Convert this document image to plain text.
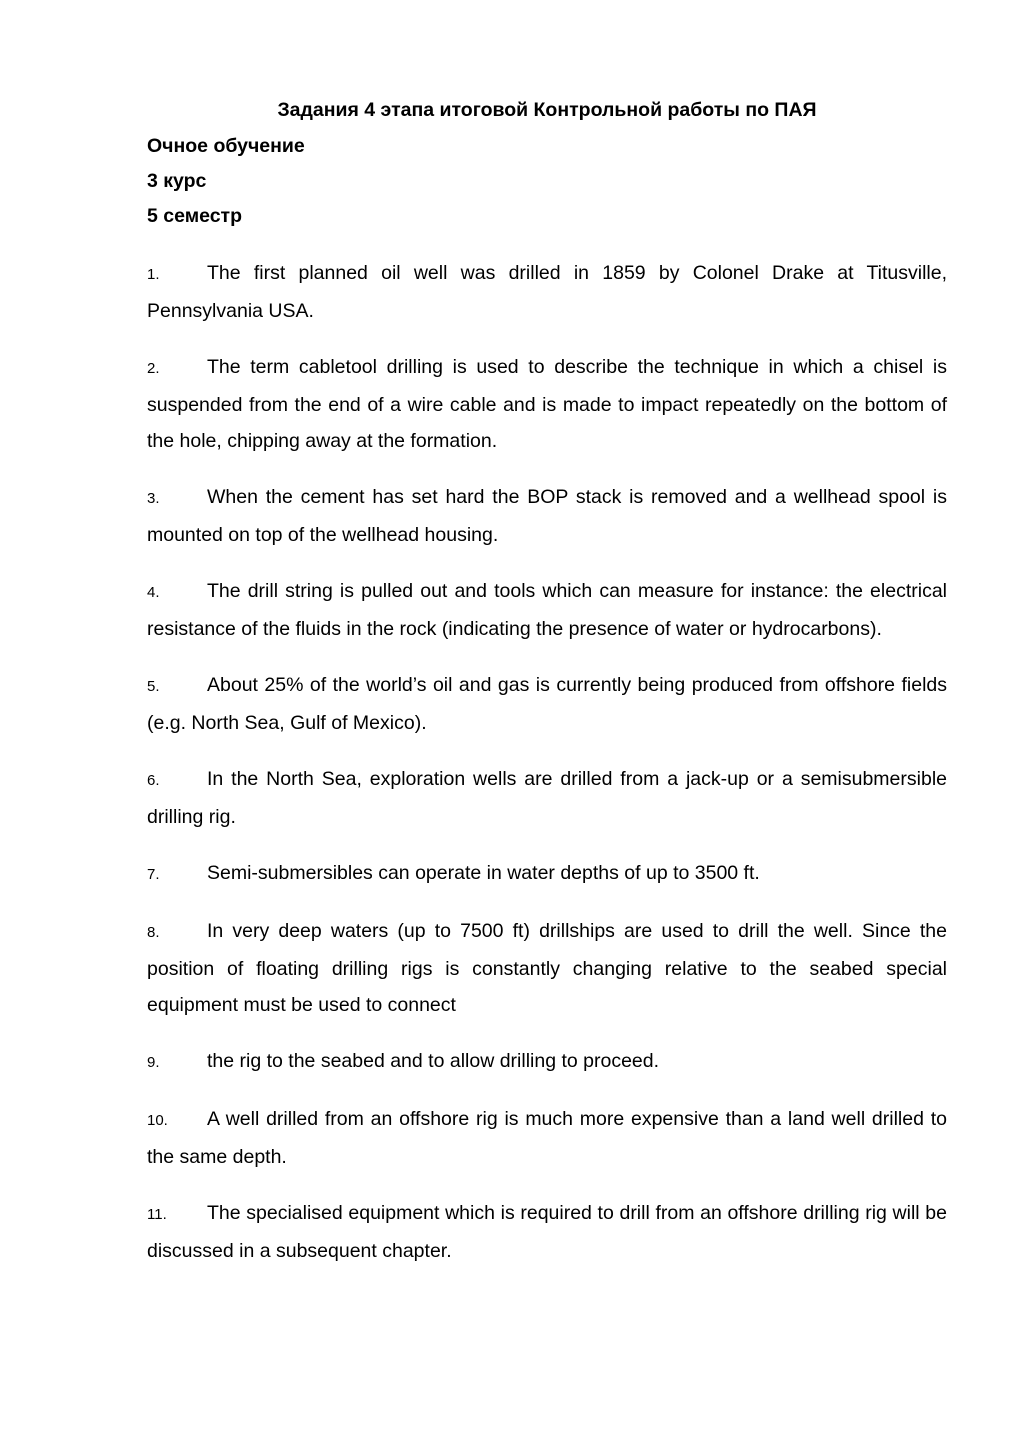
Задания 4 этапа итоговой Контрольной работы по ПАЯ
Очное обучение
3 курс
5 семестр

1. The first planned oil well was drilled in 1859 by Colonel Drake at Titusville, Pennsylvania USA.

2. The term cabletool drilling is used to describe the technique in which a chisel is suspended from the end of a wire cable and is made to impact repeatedly on the bottom of the hole, chipping away at the formation.

3. When the cement has set hard the BOP stack is removed and a wellhead spool is mounted on top of the wellhead housing.

4. The drill string is pulled out and tools which can measure for instance: the electrical resistance of the fluids in the rock (indicating the presence of water or hydrocarbons).

5. About 25% of the world’s oil and gas is currently being produced from offshore fields (e.g. North Sea, Gulf of Mexico).

6. In the North Sea, exploration wells are drilled from a jack-up or a semisubmersible drilling rig.

7. Semi-submersibles can operate in water depths of up to 3500 ft.

8. In very deep waters (up to 7500 ft) drillships are used to drill the well. Since the position of floating drilling rigs is constantly changing relative to the seabed special equipment must be used to connect

9. the rig to the seabed and to allow drilling to proceed.

10. A well drilled from an offshore rig is much more expensive than a land well drilled to the same depth.

11. The specialised equipment which is required to drill from an offshore drilling rig will be discussed in a subsequent chapter.
